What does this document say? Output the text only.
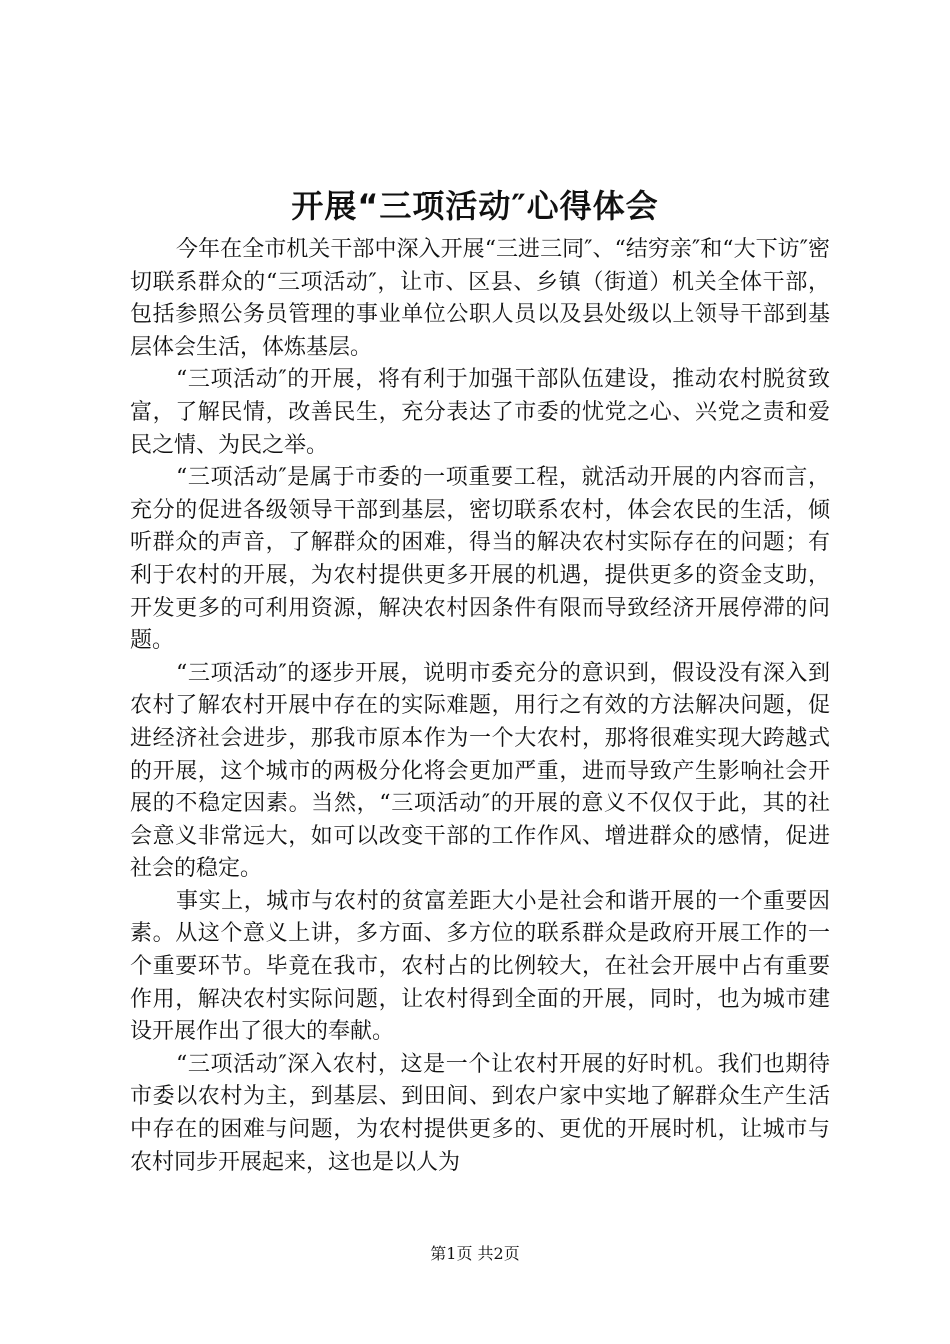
开展“三项活动″心得体会

今年在全市机关干部中深入开展“三进三同″、“结穷亲″和“大下访″密切联系群众的“三项活动″，让市、区县、乡镇（街道）机关全体干部，包括参照公务员管理的事业单位公职人员以及县处级以上领导干部到基层体会生活，体炼基层。

“三项活动″的开展，将有利于加强干部队伍建设，推动农村脱贫致富，了解民情，改善民生，充分表达了市委的忧党之心、兴党之责和爱民之情、为民之举。

“三项活动″是属于市委的一项重要工程，就活动开展的内容而言，充分的促进各级领导干部到基层，密切联系农村，体会农民的生活，倾听群众的声音，了解群众的困难，得当的解决农村实际存在的问题；有利于农村的开展，为农村提供更多开展的机遇，提供更多的资金支助，开发更多的可利用资源，解决农村因条件有限而导致经济开展停滞的问题。

“三项活动″的逐步开展，说明市委充分的意识到，假设没有深入到农村了解农村开展中存在的实际难题，用行之有效的方法解决问题，促进经济社会进步，那我市原本作为一个大农村，那将很难实现大跨越式的开展，这个城市的两极分化将会更加严重，进而导致产生影响社会开展的不稳定因素。当然，“三项活动″的开展的意义不仅仅于此，其的社会意义非常远大，如可以改变干部的工作作风、增进群众的感情，促进社会的稳定。

事实上，城市与农村的贫富差距大小是社会和谐开展的一个重要因素。从这个意义上讲，多方面、多方位的联系群众是政府开展工作的一个重要环节。毕竟在我市，农村占的比例较大，在社会开展中占有重要作用，解决农村实际问题，让农村得到全面的开展，同时，也为城市建设开展作出了很大的奉献。

“三项活动″深入农村，这是一个让农村开展的好时机。我们也期待市委以农村为主，到基层、到田间、到农户家中实地了解群众生产生活中存在的困难与问题，为农村提供更多的、更优的开展时机，让城市与农村同步开展起来，这也是以人为

第1页 共2页
